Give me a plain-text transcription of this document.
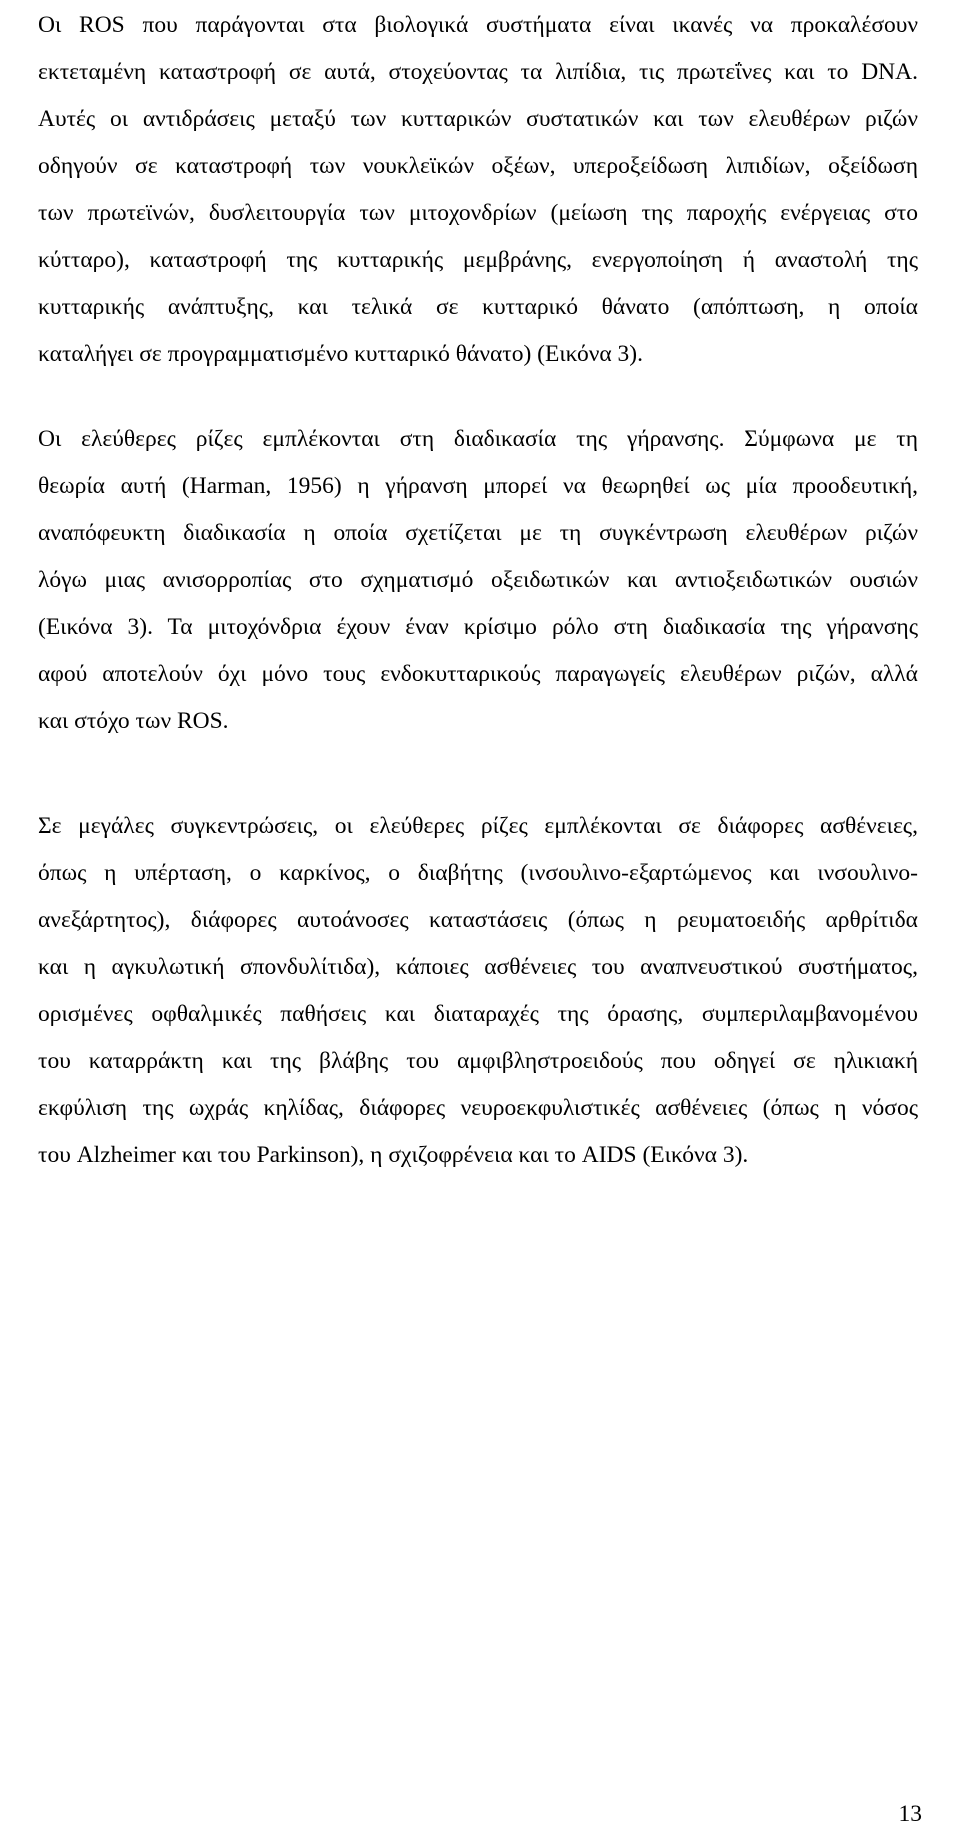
Οι ROS που παράγονται στα βιολογικά συστήματα είναι ικανές να προκαλέσουν
εκτεταμένη καταστροφή σε αυτά, στοχεύοντας τα λιπίδια, τις πρωτεΐνες και το DNA.
Αυτές οι αντιδράσεις μεταξύ των κυτταρικών συστατικών και των ελευθέρων ριζών
οδηγούν σε καταστροφή των νουκλεϊκών οξέων, υπεροξείδωση λιπιδίων, οξείδωση
των πρωτεϊνών, δυσλειτουργία των μιτοχονδρίων (μείωση της παροχής ενέργειας στο
κύτταρο), καταστροφή της κυτταρικής μεμβράνης, ενεργοποίηση ή αναστολή της
κυτταρικής ανάπτυξης, και τελικά σε κυτταρικό θάνατο (απόπτωση, η οποία
καταλήγει σε προγραμματισμένο κυτταρικό θάνατο) (Εικόνα 3).
Οι ελεύθερες ρίζες εμπλέκονται στη διαδικασία της γήρανσης. Σύμφωνα με τη
θεωρία αυτή (Harman, 1956) η γήρανση μπορεί να θεωρηθεί ως μία προοδευτική,
αναπόφευκτη διαδικασία η οποία σχετίζεται με τη συγκέντρωση ελευθέρων ριζών
λόγω μιας ανισορροπίας στο σχηματισμό οξειδωτικών και αντιοξειδωτικών ουσιών
(Εικόνα 3). Τα μιτοχόνδρια έχουν έναν κρίσιμο ρόλο στη διαδικασία της γήρανσης
αφού αποτελούν όχι μόνο τους ενδοκυτταρικούς παραγωγείς ελευθέρων ριζών, αλλά
και στόχο των ROS.
Σε μεγάλες συγκεντρώσεις, οι ελεύθερες ρίζες εμπλέκονται σε διάφορες ασθένειες,
όπως η υπέρταση, ο καρκίνος, ο διαβήτης (ινσουλινο-εξαρτώμενος και ινσουλινο-
ανεξάρτητος), διάφορες αυτοάνοσες καταστάσεις (όπως η ρευματοειδής αρθρίτιδα
και η αγκυλωτική σπονδυλίτιδα), κάποιες ασθένειες του αναπνευστικού συστήματος,
ορισμένες οφθαλμικές παθήσεις και διαταραχές της όρασης, συμπεριλαμβανομένου
του καταρράκτη και της βλάβης του αμφιβληστροειδούς που οδηγεί σε ηλικιακή
εκφύλιση της ωχράς κηλίδας, διάφορες νευροεκφυλιστικές ασθένειες (όπως η νόσος
του Alzheimer και του Parkinson), η σχιζοφρένεια και το AIDS (Εικόνα 3).
13
